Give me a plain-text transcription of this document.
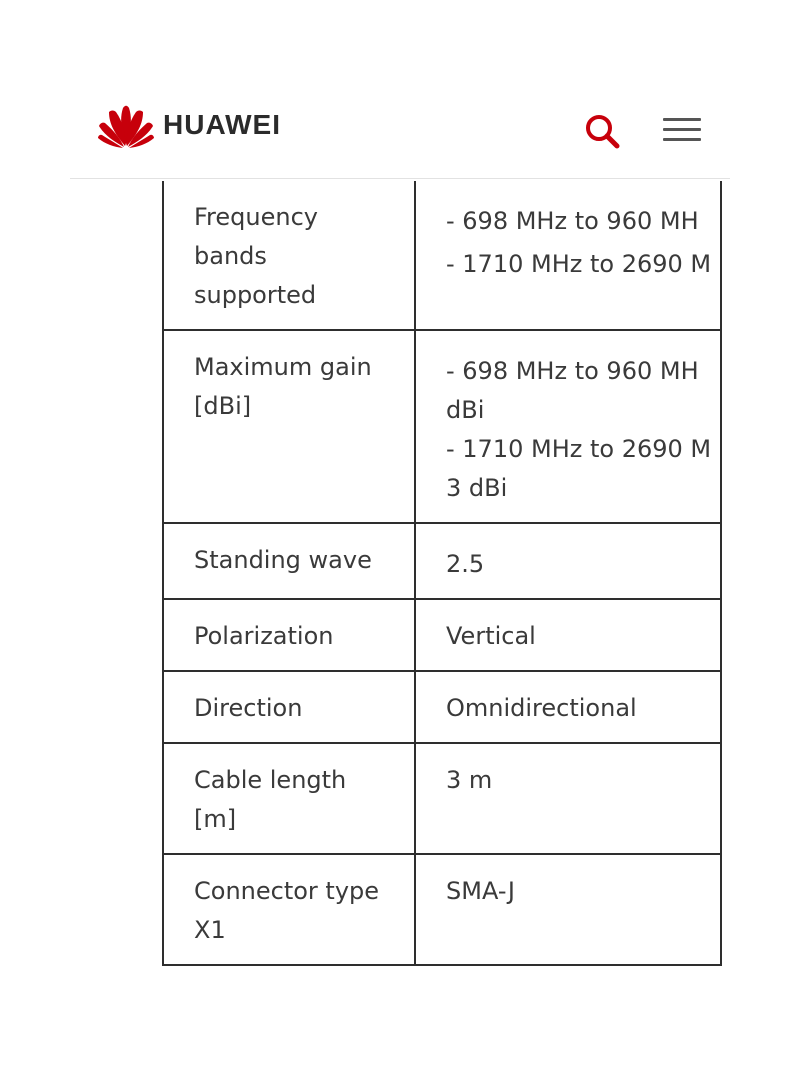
HUAWEI
Frequency bands supported	- 698 MHz to 960 MH
- 1710 MHz to 2690 M

Maximum gain [dBi]	- 698 MHz to 960 MH
dBi
- 1710 MHz to 2690 M
3 dBi

Standing wave	2.5

Polarization	Vertical

Direction	Omnidirectional

Cable length [m]	3 m

Connector type X1	SMA-J
